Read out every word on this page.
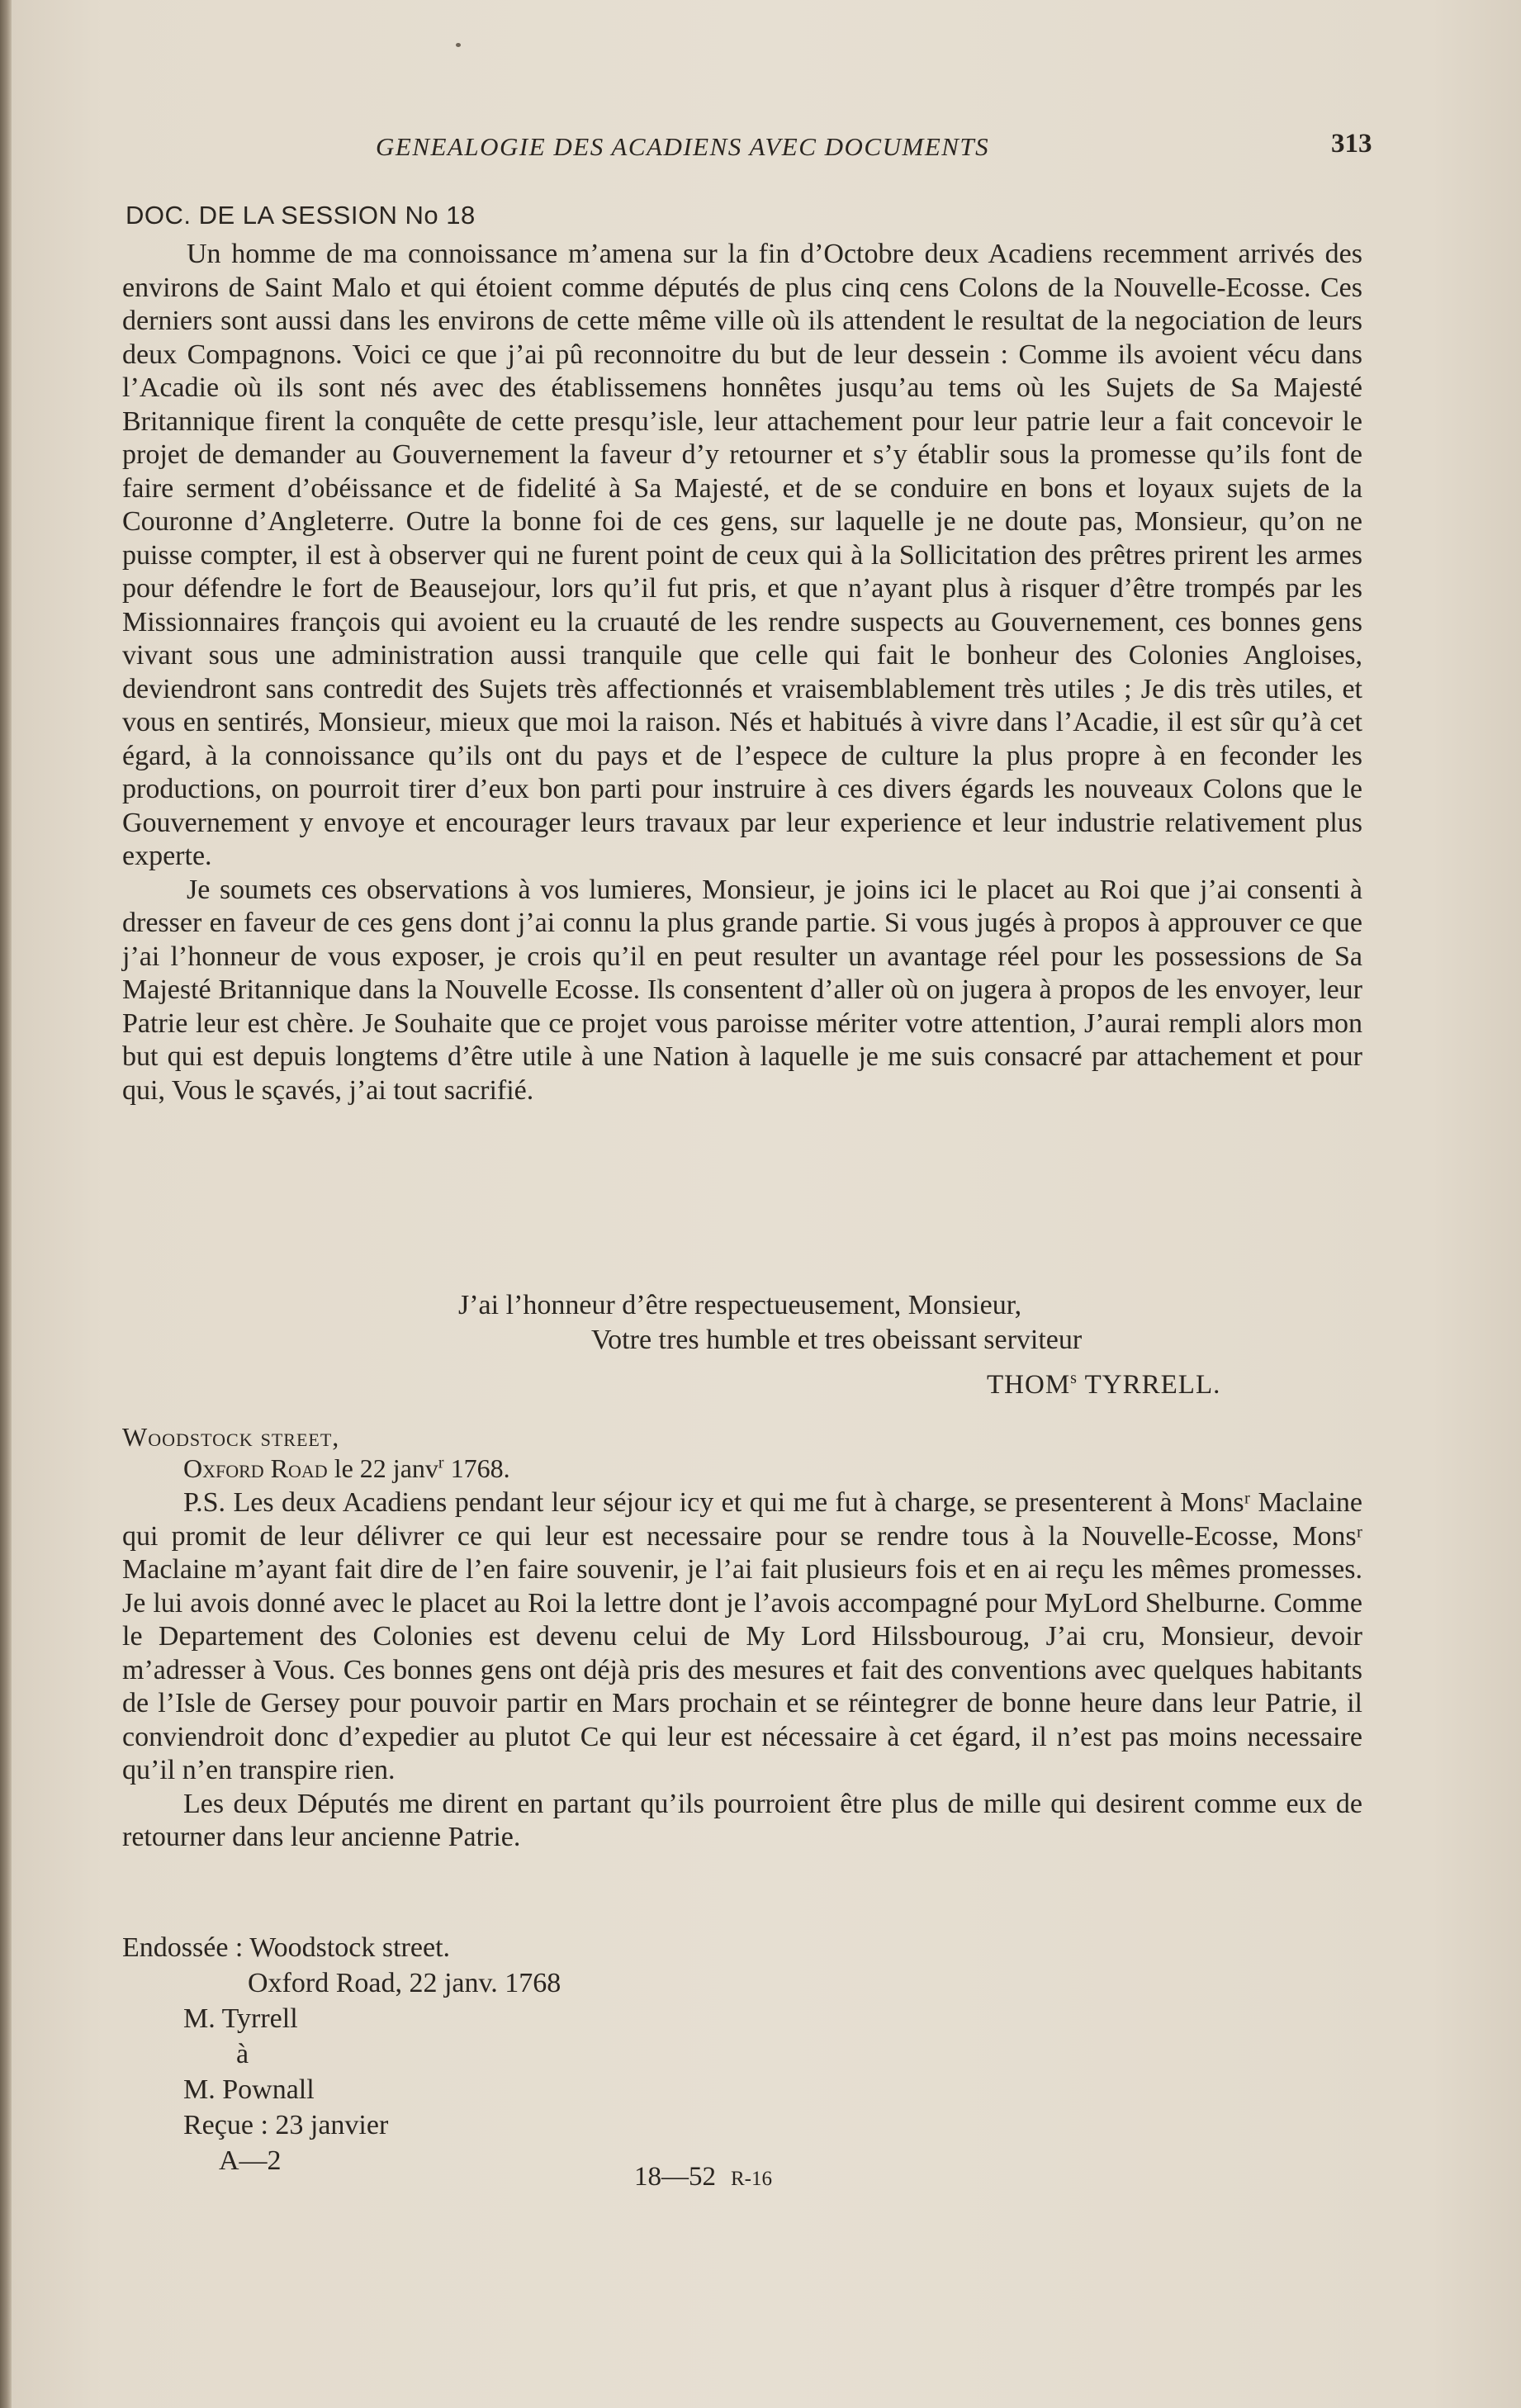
GENEALOGIE DES ACADIENS AVEC DOCUMENTS	313
DOC. DE LA SESSION No 18

Un homme de ma connoissance m’amena sur la fin d’Octobre deux Acadiens recemment arrivés des environs de Saint Malo et qui étoient comme députés de plus cinq cens Colons de la Nouvelle-Ecosse. Ces derniers sont aussi dans les environs de cette même ville où ils attendent le resultat de la negociation de leurs deux Compagnons. Voici ce que j’ai pû reconnoitre du but de leur dessein : Comme ils avoient vécu dans l’Acadie où ils sont nés avec des établissemens honnêtes jusqu’au tems où les Sujets de Sa Majesté Britannique firent la conquête de cette presqu’isle, leur attachement pour leur patrie leur a fait concevoir le projet de demander au Gouvernement la faveur d’y retourner et s’y établir sous la promesse qu’ils font de faire serment d’obéissance et de fidelité à Sa Majesté, et de se conduire en bons et loyaux sujets de la Couronne d’Angleterre. Outre la bonne foi de ces gens, sur laquelle je ne doute pas, Monsieur, qu’on ne puisse compter, il est à observer qui ne furent point de ceux qui à la Sollicitation des prêtres prirent les armes pour défendre le fort de Beausejour, lors qu’il fut pris, et que n’ayant plus à risquer d’être trompés par les Missionnaires françois qui avoient eu la cruauté de les rendre suspects au Gouvernement, ces bonnes gens vivant sous une administration aussi tranquile que celle qui fait le bonheur des Colonies Angloises, deviendront sans contredit des Sujets très affectionnés et vraisemblablement très utiles ; Je dis très utiles, et vous en sentirés, Monsieur, mieux que moi la raison. Nés et habitués à vivre dans l’Acadie, il est sûr qu’à cet égard, à la connoissance qu’ils ont du pays et de l’espece de culture la plus propre à en feconder les productions, on pourroit tirer d’eux bon parti pour instruire à ces divers égards les nouveaux Colons que le Gouvernement y envoye et encourager leurs travaux par leur experience et leur industrie relativement plus experte.

Je soumets ces observations à vos lumieres, Monsieur, je joins ici le placet au Roi que j’ai consenti à dresser en faveur de ces gens dont j’ai connu la plus grande partie. Si vous jugés à propos à approuver ce que j’ai l’honneur de vous exposer, je crois qu’il en peut resulter un avantage réel pour les possessions de Sa Majesté Britannique dans la Nouvelle Ecosse. Ils consentent d’aller où on jugera à propos de les envoyer, leur Patrie leur est chère. Je Souhaite que ce projet vous paroisse mériter votre attention, J’aurai rempli alors mon but qui est depuis longtems d’être utile à une Nation à laquelle je me suis consacré par attachement et pour qui, Vous le sçavés, j’ai tout sacrifié.

J’ai l’honneur d’être respectueusement, Monsieur,
Votre tres humble et tres obeissant serviteur
THOM$^s$ TYRRELL.
Woodstock street,
Oxford Road le 22 janv$^r$ 1768.

P.S. Les deux Acadiens pendant leur séjour icy et qui me fut à charge, se presenterent à Monsʳ Maclaine qui promit de leur délivrer ce qui leur est necessaire pour se rendre tous à la Nouvelle-Ecosse, Monsʳ Maclaine m’ayant fait dire de l’en faire souvenir, je l’ai fait plusieurs fois et en ai reçu les mêmes promesses. Je lui avois donné avec le placet au Roi la lettre dont je l’avois accompagné pour MyLord Shelburne. Comme le Departement des Colonies est devenu celui de My Lord Hilssbouroug, J’ai cru, Monsieur, devoir m’adresser à Vous. Ces bonnes gens ont déjà pris des mesures et fait des conventions avec quelques habitants de l’Isle de Gersey pour pouvoir partir en Mars prochain et se réintegrer de bonne heure dans leur Patrie, il conviendroit donc d’expedier au plutot Ce qui leur est nécessaire à cet égard, il n’est pas moins necessaire qu’il n’en transpire rien.

Les deux Députés me dirent en partant qu’ils pourroient être plus de mille qui desirent comme eux de retourner dans leur ancienne Patrie.

Endossée : Woodstock street.
Oxford Road, 22 janv. 1768
M. Tyrrell
à
M. Pownall
Reçue : 23 janvier
A—2
18—52 R-16
